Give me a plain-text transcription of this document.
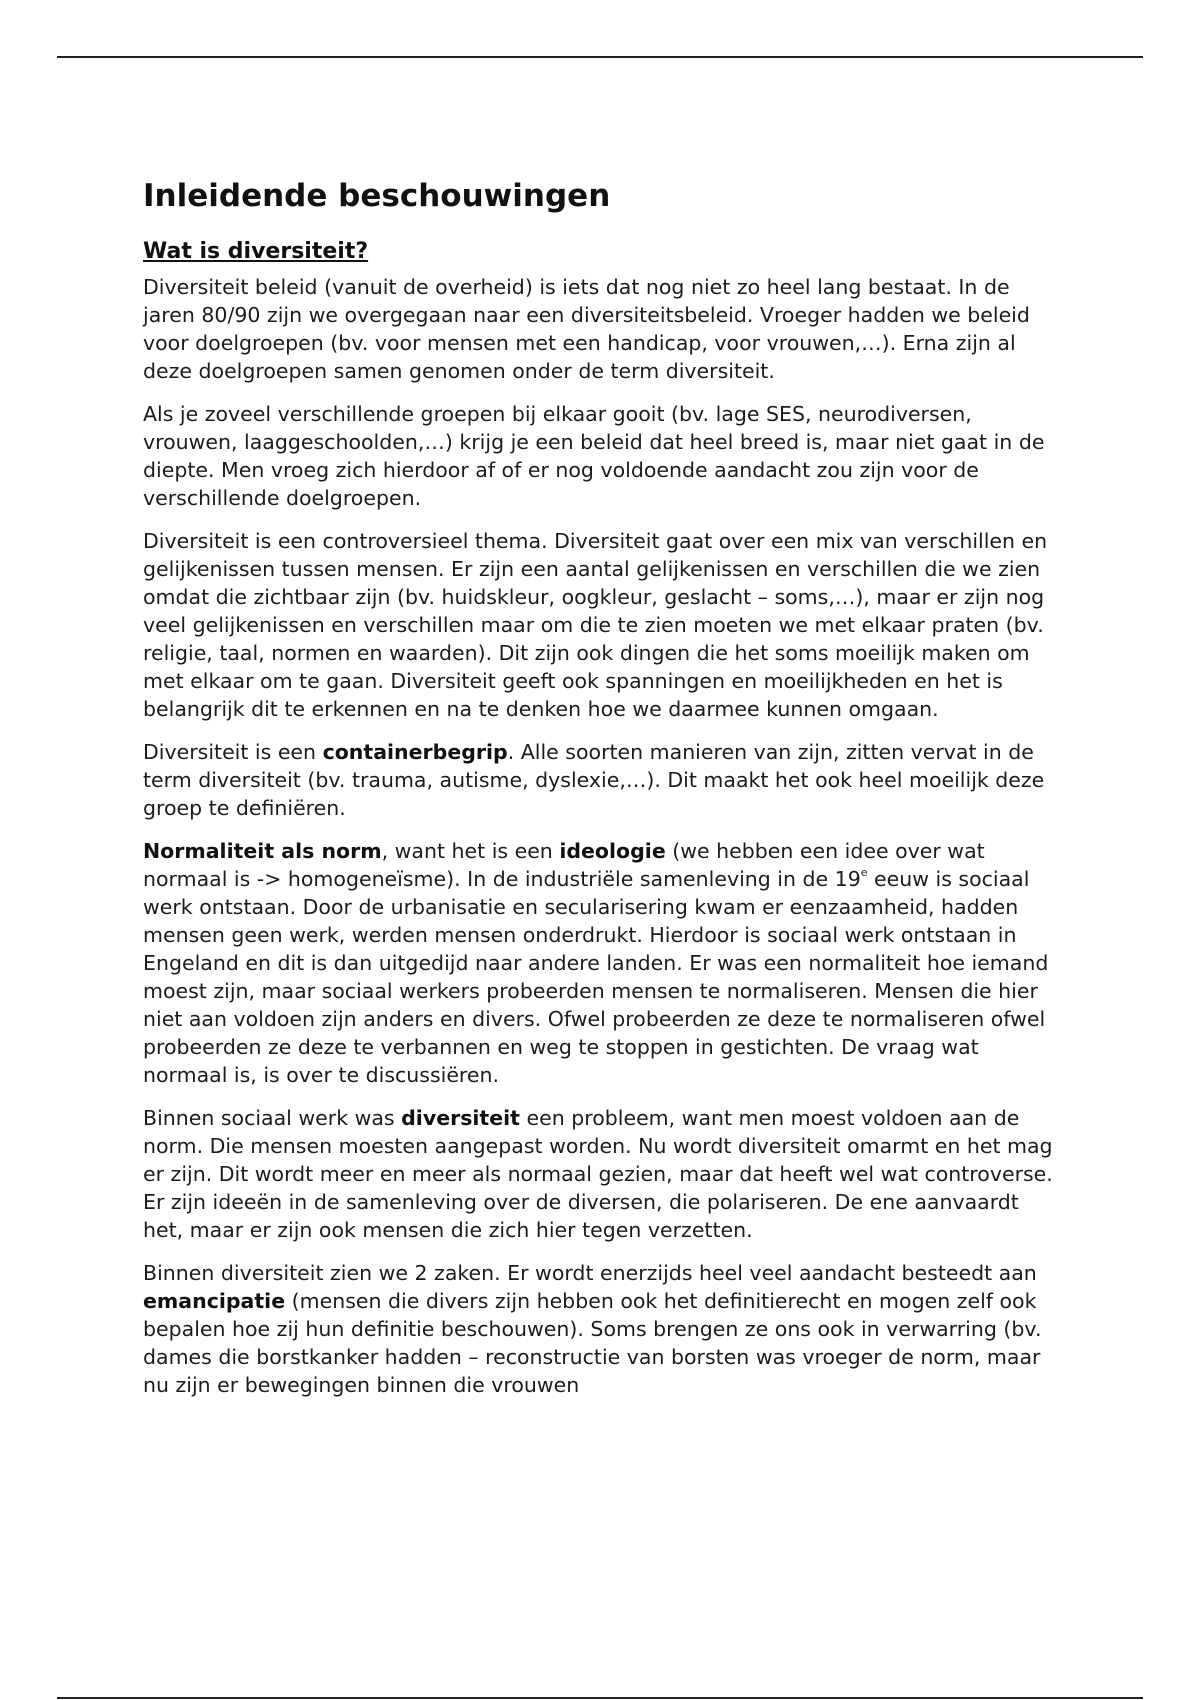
Inleidende beschouwingen
Wat is diversiteit?

Diversiteit beleid (vanuit de overheid) is iets dat nog niet zo heel lang bestaat. In de jaren 80/90 zijn we overgegaan naar een diversiteitsbeleid. Vroeger hadden we beleid voor doelgroepen (bv. voor mensen met een handicap, voor vrouwen,…). Erna zijn al deze doelgroepen samen genomen onder de term diversiteit.

Als je zoveel verschillende groepen bij elkaar gooit (bv. lage SES, neurodiversen, vrouwen, laaggeschoolden,…) krijg je een beleid dat heel breed is, maar niet gaat in de diepte. Men vroeg zich hierdoor af of er nog voldoende aandacht zou zijn voor de verschillende doelgroepen.

Diversiteit is een controversieel thema. Diversiteit gaat over een mix van verschillen en gelijkenissen tussen mensen. Er zijn een aantal gelijkenissen en verschillen die we zien omdat die zichtbaar zijn (bv. huidskleur, oogkleur, geslacht – soms,…), maar er zijn nog veel gelijkenissen en verschillen maar om die te zien moeten we met elkaar praten (bv. religie, taal, normen en waarden). Dit zijn ook dingen die het soms moeilijk maken om met elkaar om te gaan. Diversiteit geeft ook spanningen en moeilijkheden en het is belangrijk dit te erkennen en na te denken hoe we daarmee kunnen omgaan.

Diversiteit is een containerbegrip. Alle soorten manieren van zijn, zitten vervat in de term diversiteit (bv. trauma, autisme, dyslexie,…). Dit maakt het ook heel moeilijk deze groep te definiëren.

Normaliteit als norm, want het is een ideologie (we hebben een idee over wat normaal is -> homogeneïsme). In de industriële samenleving in de 19e eeuw is sociaal werk ontstaan. Door de urbanisatie en secularisering kwam er eenzaamheid, hadden mensen geen werk, werden mensen onderdrukt. Hierdoor is sociaal werk ontstaan in Engeland en dit is dan uitgedijd naar andere landen. Er was een normaliteit hoe iemand moest zijn, maar sociaal werkers probeerden mensen te normaliseren. Mensen die hier niet aan voldoen zijn anders en divers. Ofwel probeerden ze deze te normaliseren ofwel probeerden ze deze te verbannen en weg te stoppen in gestichten. De vraag wat normaal is, is over te discussiëren.

Binnen sociaal werk was diversiteit een probleem, want men moest voldoen aan de norm. Die mensen moesten aangepast worden. Nu wordt diversiteit omarmt en het mag er zijn. Dit wordt meer en meer als normaal gezien, maar dat heeft wel wat controverse. Er zijn ideeën in de samenleving over de diversen, die polariseren. De ene aanvaardt het, maar er zijn ook mensen die zich hier tegen verzetten.

Binnen diversiteit zien we 2 zaken. Er wordt enerzijds heel veel aandacht besteedt aan emancipatie (mensen die divers zijn hebben ook het definitierecht en mogen zelf ook bepalen hoe zij hun definitie beschouwen). Soms brengen ze ons ook in verwarring (bv. dames die borstkanker hadden – reconstructie van borsten was vroeger de norm, maar nu zijn er bewegingen binnen die vrouwen
